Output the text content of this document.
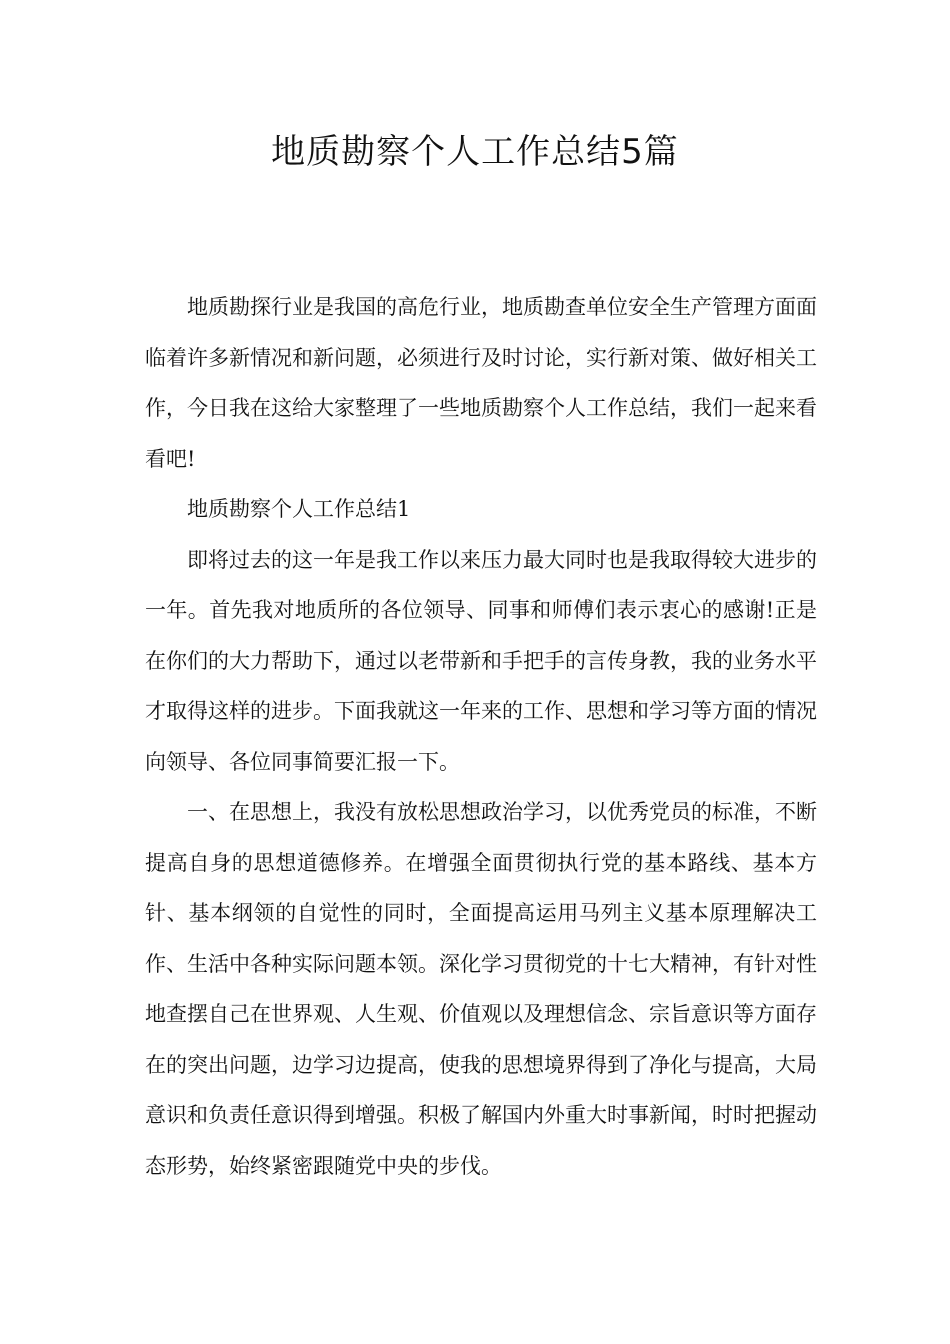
地质勘察个人工作总结5篇

地质勘探行业是我国的高危行业，地质勘查单位安全生产管理方面面临着许多新情况和新问题，必须进行及时讨论，实行新对策、做好相关工作，今日我在这给大家整理了一些地质勘察个人工作总结，我们一起来看看吧!

地质勘察个人工作总结1

即将过去的这一年是我工作以来压力最大同时也是我取得较大进步的一年。首先我对地质所的各位领导、同事和师傅们表示衷心的感谢!正是在你们的大力帮助下，通过以老带新和手把手的言传身教，我的业务水平才取得这样的进步。下面我就这一年来的工作、思想和学习等方面的情况向领导、各位同事简要汇报一下。

一、在思想上，我没有放松思想政治学习，以优秀党员的标准，不断提高自身的思想道德修养。在增强全面贯彻执行党的基本路线、基本方针、基本纲领的自觉性的同时，全面提高运用马列主义基本原理解决工作、生活中各种实际问题本领。深化学习贯彻党的十七大精神，有针对性地查摆自己在世界观、人生观、价值观以及理想信念、宗旨意识等方面存在的突出问题，边学习边提高，使我的思想境界得到了净化与提高，大局意识和负责任意识得到增强。积极了解国内外重大时事新闻，时时把握动态形势，始终紧密跟随党中央的步伐。
